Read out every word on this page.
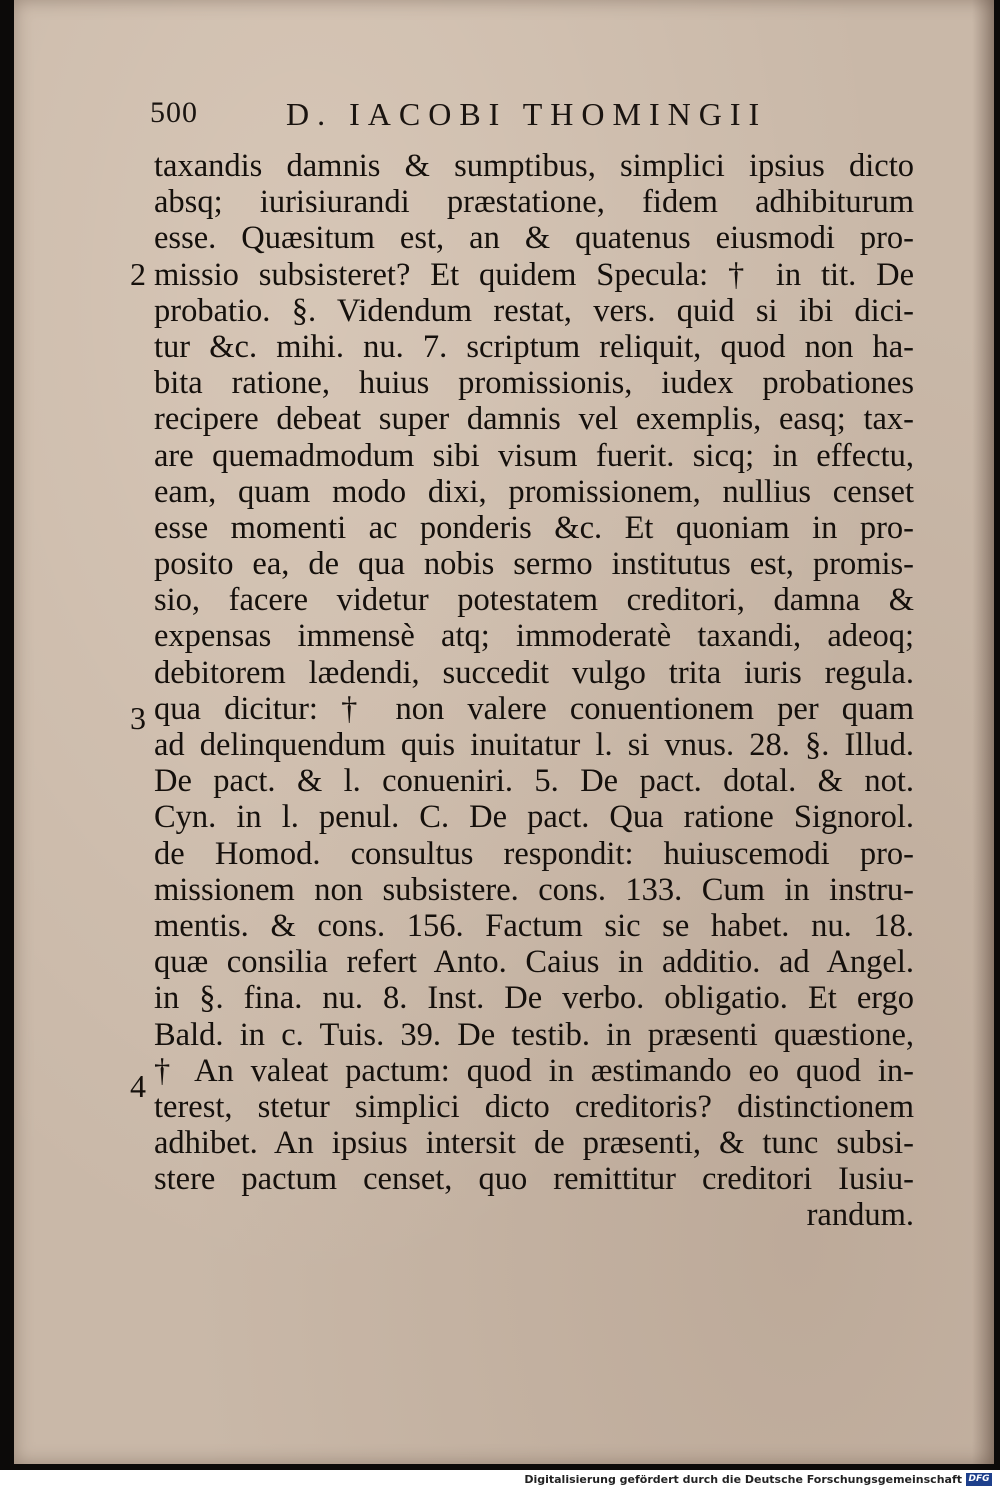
500	D. IACOBI THOMINGII
2
3
4
taxandis damnis & sumptibus, simplici ipsius dicto
absq; iurisiurandi præstatione, fidem adhibiturum
esse. Quæsitum est, an & quatenus eiusmodi pro-
missio subsisteret? Et quidem Specula: † in tit. De
probatio. §. Videndum restat, vers. quid si ibi dici-
tur &c. mihi. nu. 7. scriptum reliquit, quod non ha-
bita ratione, huius promissionis, iudex probationes
recipere debeat super damnis vel exemplis, easq; tax-
are quemadmodum sibi visum fuerit. sicq; in effectu,
eam, quam modo dixi, promissionem, nullius censet
esse momenti ac ponderis &c. Et quoniam in pro-
posito ea, de qua nobis sermo institutus est, promis-
sio, facere videtur potestatem creditori, damna &
expensas immensè atq; immoderatè taxandi, adeoq;
debitorem lædendi, succedit vulgo trita iuris regula.
qua dicitur: † non valere conuentionem per quam
ad delinquendum quis inuitatur l. si vnus. 28. §. Illud.
De pact. & l. conueniri. 5. De pact. dotal. & not.
Cyn. in l. penul. C. De pact. Qua ratione Signorol.
de Homod. consultus respondit: huiuscemodi pro-
missionem non subsistere. cons. 133. Cum in instru-
mentis. & cons. 156. Factum sic se habet. nu. 18.
quæ consilia refert Anto. Caius in additio. ad Angel.
in §. fina. nu. 8. Inst. De verbo. obligatio. Et ergo
Bald. in c. Tuis. 39. De testib. in præsenti quæstione,
† An valeat pactum: quod in æstimando eo quod in-
terest, stetur simplici dicto creditoris? distinctionem
adhibet. An ipsius intersit de præsenti, & tunc subsi-
stere pactum censet, quo remittitur creditori Iusiu-
randum.
Digitalisierung gefördert durch die Deutsche Forschungsgemeinschaft DFG
